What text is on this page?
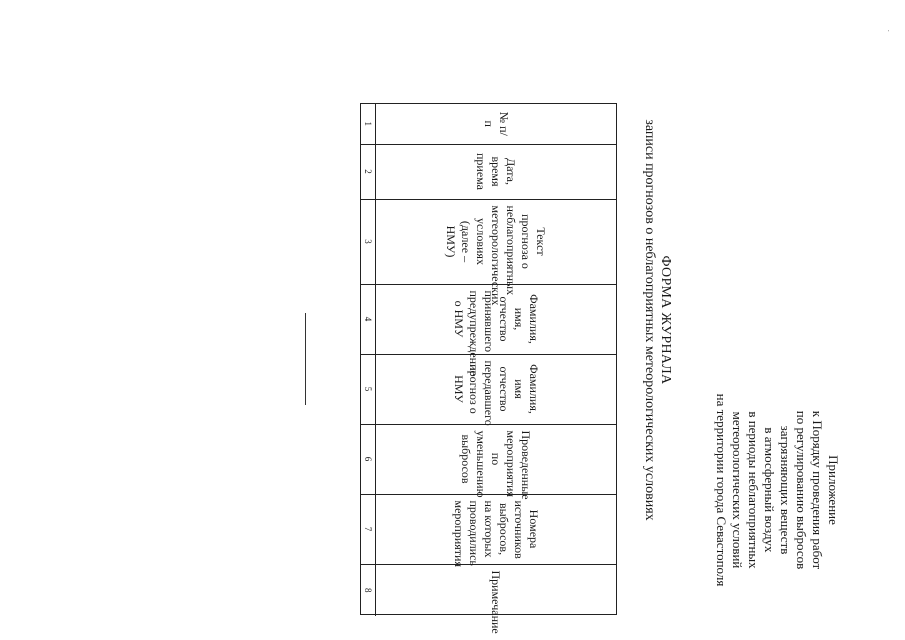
'
Приложение
к Порядку проведения работ
по регулированию выбросов
загрязняющих веществ
в атмосферный воздух
в периоды неблагоприятных
метеорологических условий
на территории города Севастополя
ФОРМА ЖУРНАЛА
записи прогнозов о неблагоприятных метеорологических условиях
№ п/п	Дата, время приема	Текст прогноза о неблагоприятных метеорологических условиях (далее – НМУ)	Фамилия, имя, отчество принявшего предупреждение о НМУ	Фамилия, имя отчество передавшего прогноз о НМУ	Проведенные мероприятия по уменьшению выбросов	Номера источников выбросов, на которых проводились мероприятия	Примечание

1	2	3	4	5	6	7	8
